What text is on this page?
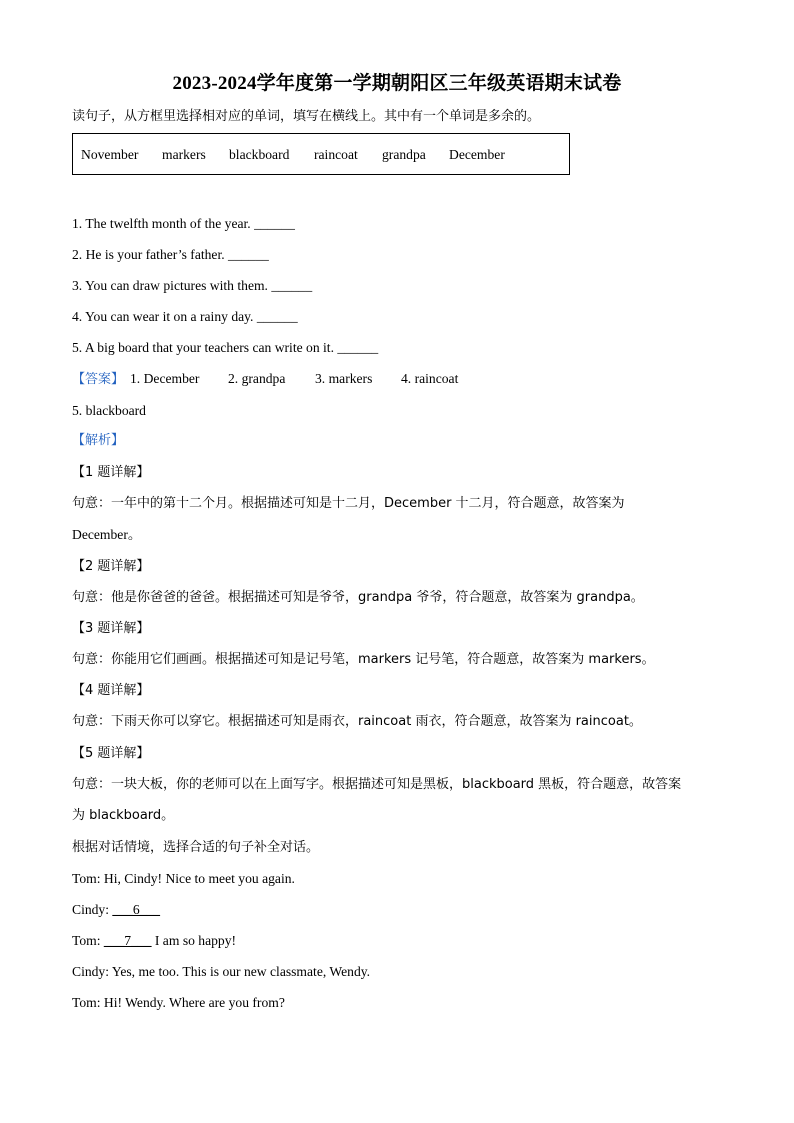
2023-2024学年度第一学期朝阳区三年级英语期末试卷
读句子，从方框里选择相对应的单词，填写在横线上。其中有一个单词是多余的。
November markers blackboard raincoat grandpa December
1. The twelfth month of the year. ______
2. He is your father’s father. ______
3. You can draw pictures with them. ______
4. You can wear it on a rainy day. ______
5. A big board that your teachers can write on it. ______
【答案】 1. December 2. grandpa 3. markers 4. raincoat
5. blackboard
【解析】
【1 题详解】
句意：一年中的第十二个月。根据描述可知是十二月，December 十二月，符合题意，故答案为
December。
【2 题详解】
句意：他是你爸爸的爸爸。根据描述可知是爷爷，grandpa 爷爷，符合题意，故答案为 grandpa。
【3 题详解】
句意：你能用它们画画。根据描述可知是记号笔，markers 记号笔，符合题意，故答案为 markers。
【4 题详解】
句意：下雨天你可以穿它。根据描述可知是雨衣，raincoat 雨衣，符合题意，故答案为 raincoat。
【5 题详解】
句意：一块大板，你的老师可以在上面写字。根据描述可知是黑板，blackboard 黑板，符合题意，故答案
为 blackboard。
根据对话情境，选择合适的句子补全对话。
Tom: Hi, Cindy! Nice to meet you again.
Cindy: ___6___
Tom: ___7___ I am so happy!
Cindy: Yes, me too. This is our new classmate, Wendy.
Tom: Hi! Wendy. Where are you from?
